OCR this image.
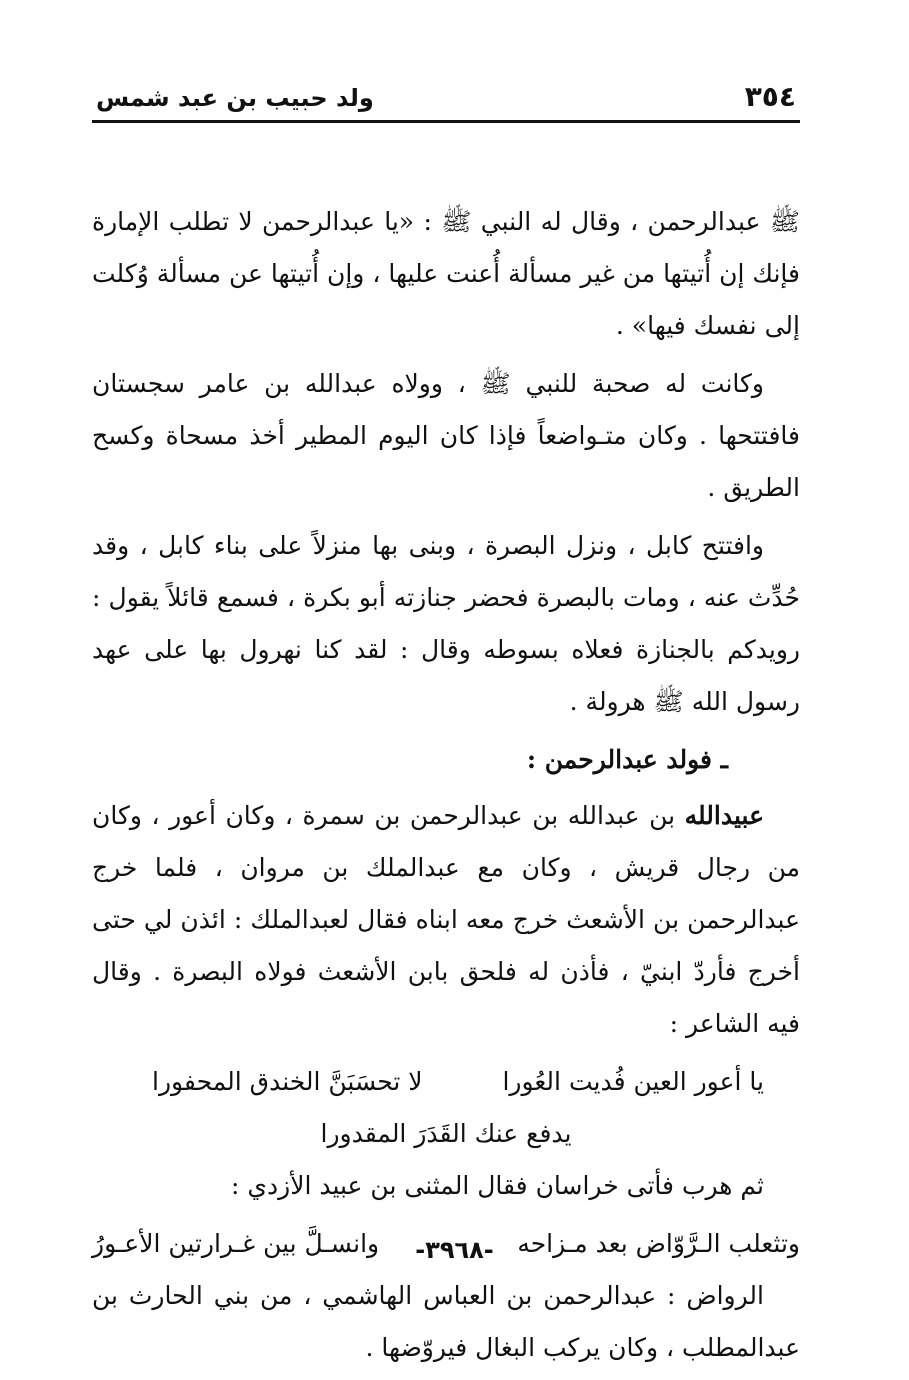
٣٥٤
ولد حبيب بن عبد شمس

ﷺ عبدالرحمن ، وقال له النبي ﷺ : «يا عبدالرحمن لا تطلب الإمارة فإنك إن أُتيتها من غير مسألة أُعنت عليها ، وإن أُتيتها عن مسألة وُكلت إلى نفسك فيها» .

وكانت له صحبة للنبي ﷺ ، وولاه عبدالله بن عامر سجستان فافتتحها . وكان متـواضعاً فإذا كان اليوم المطير أخذ مسحاة وكسح الطريق .

وافتتح كابل ، ونزل البصرة ، وبنى بها منزلاً على بناء كابل ، وقد حُدِّث عنه ، ومات بالبصرة فحضر جنازته أبو بكرة ، فسمع قائلاً يقول : رويدكم بالجنازة فعلاه بسوطه وقال : لقد كنا نهرول بها على عهد رسول الله ﷺ هرولة .

ـ فولد عبدالرحمن :

عبيدالله بن عبدالله بن عبدالرحمن بن سمرة ، وكان أعور ، وكان من رجال قريش ، وكان مع عبدالملك بن مروان ، فلما خرج عبدالرحمن بن الأشعث خرج معه ابناه فقال لعبدالملك : ائذن لي حتى أخرج فأردّ ابنيّ ، فأذن له فلحق بابن الأشعث فولاه البصرة . وقال فيه الشاعر :

يا أعور العين فُديت العُورا
لا تحسَبَنَّ الخندق المحفورا
يدفع عنك القَدَرَ المقدورا

ثم هرب فأتى خراسان فقال المثنى بن عبيد الأزدي :

وتثعلب الـرَّوّاض بعد مـزاحه
وانسـلَّ بين غـرارتين الأعـورُ

الرواض : عبدالرحمن بن العباس الهاشمي ، من بني الحارث بن عبدالمطلب ، وكان يركب البغال فيروّضها .

-٣٩٦٨-
